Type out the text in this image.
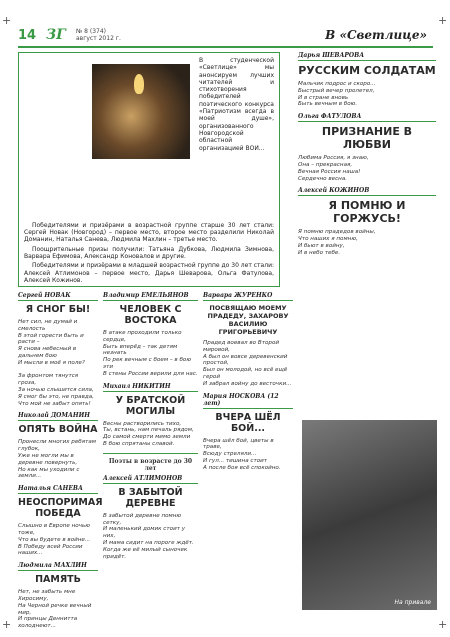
+	+
+	+
14 ЗГ № 8 (374)
август 2012 г.	В «Светлице»

В студенческой «Светлице» мы анонсируем лучших читателей и стихотворения победителей поэтического конкурса «Патриотизм всегда в моей душе», организованного Новгородской областной организацией ВОИ...

Победителями и призёрами в возрастной группе старше 30 лет стали: Сергей Новак (Новгород) – первое место, второе место разделили Николай Доманин, Наталья Санева, Людмила Махлин – третье место.

Поощрительные призы получили: Татьяна Дубкова, Людмила Зимнова, Варвара Ефимова, Александр Коновалов и другие.

Победителями и призёрами в младшей возрастной группе до 30 лет стали: Алексей Атлимонов – первое место, Дарья Шеварова, Ольга Фатулова, Алексей Кожинов.

Сергей НОВАК
Я СНОГ БЫ!
Нет сил, не думай и смелость
В этой горести быть и расти –
Я снова небесный в дальнем бою
И мысли в моё я поле?

За фронтом тянутся гроза,
За ночью слышится сила,
Я смог бы это, не правда,
Что мой не забыт опять!
Николай ДОМАНИН
ОПЯТЬ ВОЙНА
Пронесли многих ребятам глубок,
Уже не могли мы в деревне повернуть,
Но как мы уходили с земли...
Наталья САНЕВА
НЕОСПОРИМАЯ ПОБЕДА
Слышно в Европе ночью тоже,
Что вы будете в войне...
В Победу всей России наших...
Людмила МАХЛИН
ПАМЯТЬ
Нет, не забыть мне Хиросиму,
На Черной речке вечный мир,
И принцы Деннитта холоднеют...
Владимир ЕМЕЛЬЯНОВ
ЧЕЛОВЕК С ВОСТОКА
В атаке проходили только сердце,
Быть вперёд – так детям незнать
По рек вечным с боем – в бою эти
В стены России верили для нас.
Михаил НИКИТИН
У БРАТСКОЙ МОГИЛЫ
Весны растворились тихо,
Ты, встань, нам печаль рядом,
До самой смерти мимо земли
В бою спрятаны славой.
Поэты в возрасте до 30 лет
Алексей АТЛИМОНОВ
В ЗАБЫТОЙ ДЕРЕВНЕ
В забытой деревне помню сетку,
И маленький домик стоит у них,
И мама сидит на пороге ждёт.
Когда же её милый сыночек придёт.
Варвара ЖУРЕНКО
ПОСВЯЩАЮ МОЕМУ ПРАДЕДУ, ЗАХАРОВУ ВАСИЛИЮ ГРИГОРЬЕВИЧУ
Прадед воевал во Второй мировой,
А был он вовсе деревенский простой,
Был он молодой, но всё ещё герой
И забрал войну до весточки...
Мария НОСКОВА (12 лет)
ВЧЕРА ШЁЛ БОЙ...
Вчера шёл бой, цветы в траве,
Всюду стреляли...
И гул... тишина стоит
А после боя всё спокойно.
Дарья ШЕВАРОВА
РУССКИМ СОЛДАТАМ
Мальчик подрос и скоро...
Быстрый вечер пролетел,
И в стране вновь
Быть вечным в бою.
Ольга ФАТУЛОВА
ПРИЗНАНИЕ В ЛЮБВИ
Любима Россия, я знаю,
Она – прекрасная,
Вечная Россия наша!
Сердечно весна.
Алексей КОЖИНОВ
Я ПОМНЮ И ГОРЖУСЬ!
Я помню прадедов войны,
Что наших я помню,
И бьют в войну,
И в небо тебе.
На привале
